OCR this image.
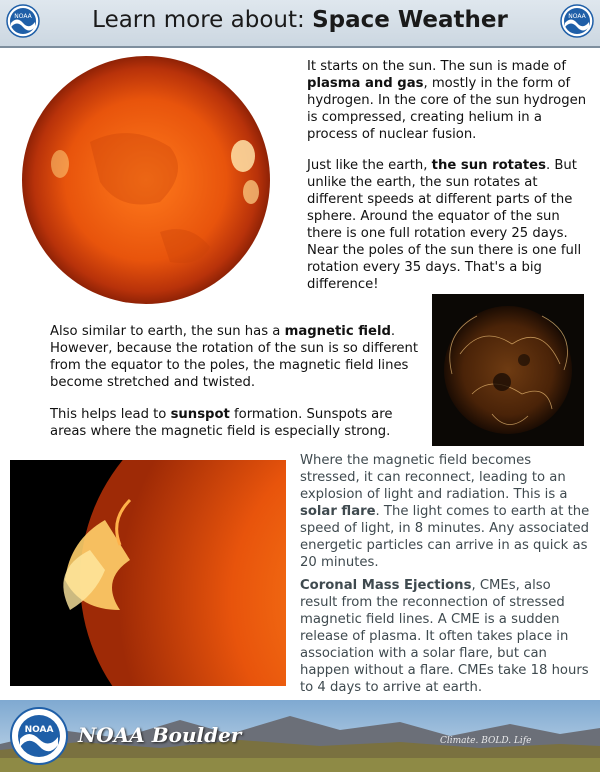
NOAA	Learn more about: Space Weather	NOAA

It starts on the sun. The sun is made of plasma and gas, mostly in the form of hydrogen. In the core of the sun hydrogen is compressed, creating helium in a process of nuclear fusion.

Just like the earth, the sun rotates. But unlike the earth, the sun rotates at different speeds at different parts of the sphere. Around the equator of the sun there is one full rotation every 25 days. Near the poles of the sun there is one full rotation every 35 days. That's a big difference!

Also similar to earth, the sun has a magnetic field. However, because the rotation of the sun is so different from the equator to the poles, the magnetic field lines become stretched and twisted.

This helps lead to sunspot formation. Sunspots are areas where the magnetic field is especially strong.

Where the magnetic field becomes stressed, it can reconnect, leading to an explosion of light and radiation. This is a solar flare. The light comes to earth at the speed of light, in 8 minutes. Any associated energetic particles can arrive in as quick as 20 minutes.

Coronal Mass Ejections, CMEs, also result from the reconnection of stressed magnetic field lines. A CME is a sudden release of plasma. It often takes place in association with a solar flare, but can happen without a flare. CMEs take 18 hours to 4 days to arrive at earth.

NOAA NOAA Boulder	Climate. BOLD. Life
